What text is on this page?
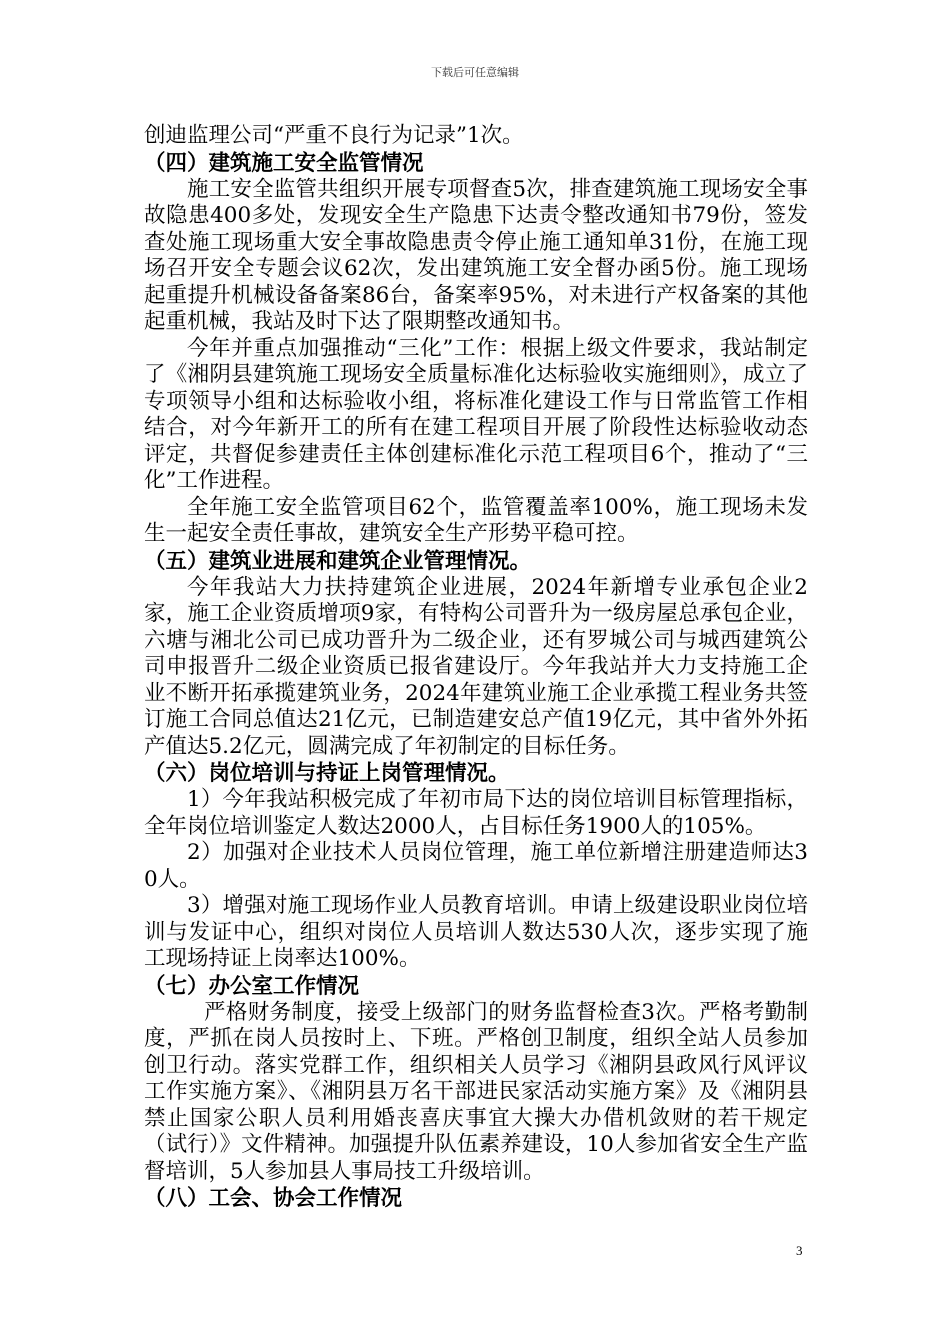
下载后可任意编辑

创迪监理公司“严重不良行为记录”1次。

（四）建筑施工安全监管情况

施工安全监管共组织开展专项督查5次，排查建筑施工现场安全事故隐患400多处，发现安全生产隐患下达责令整改通知书79份，签发查处施工现场重大安全事故隐患责令停止施工通知单31份，在施工现场召开安全专题会议62次，发出建筑施工安全督办函5份。施工现场起重提升机械设备备案86台，备案率95%，对未进行产权备案的其他起重机械，我站及时下达了限期整改通知书。

今年并重点加强推动“三化”工作：根据上级文件要求，我站制定了《湘阴县建筑施工现场安全质量标准化达标验收实施细则》，成立了专项领导小组和达标验收小组，将标准化建设工作与日常监管工作相结合，对今年新开工的所有在建工程项目开展了阶段性达标验收动态评定，共督促参建责任主体创建标准化示范工程项目6个，推动了“三化”工作进程。

全年施工安全监管项目62个，监管覆盖率100%，施工现场未发生一起安全责任事故，建筑安全生产形势平稳可控。

（五）建筑业进展和建筑企业管理情况。

今年我站大力扶持建筑企业进展，2024年新增专业承包企业2家，施工企业资质增项9家，有特构公司晋升为一级房屋总承包企业，六塘与湘北公司已成功晋升为二级企业，还有罗城公司与城西建筑公司申报晋升二级企业资质已报省建设厅。今年我站并大力支持施工企业不断开拓承揽建筑业务，2024年建筑业施工企业承揽工程业务共签订施工合同总值达21亿元，已制造建安总产值19亿元，其中省外外拓产值达5.2亿元，圆满完成了年初制定的目标任务。

（六）岗位培训与持证上岗管理情况。

1）今年我站积极完成了年初市局下达的岗位培训目标管理指标，全年岗位培训鉴定人数达2000人，占目标任务1900人的105%。

2）加强对企业技术人员岗位管理，施工单位新增注册建造师达30人。

3）增强对施工现场作业人员教育培训。申请上级建设职业岗位培训与发证中心，组织对岗位人员培训人数达530人次，逐步实现了施工现场持证上岗率达100%。

（七）办公室工作情况

严格财务制度，接受上级部门的财务监督检查3次。严格考勤制度，严抓在岗人员按时上、下班。严格创卫制度，组织全站人员参加创卫行动。落实党群工作，组织相关人员学习《湘阴县政风行风评议工作实施方案》、《湘阴县万名干部进民家活动实施方案》及《湘阴县禁止国家公职人员利用婚丧喜庆事宜大操大办借机敛财的若干规定（试行）》文件精神。加强提升队伍素养建设，10人参加省安全生产监督培训，5人参加县人事局技工升级培训。

（八）工会、协会工作情况
3
